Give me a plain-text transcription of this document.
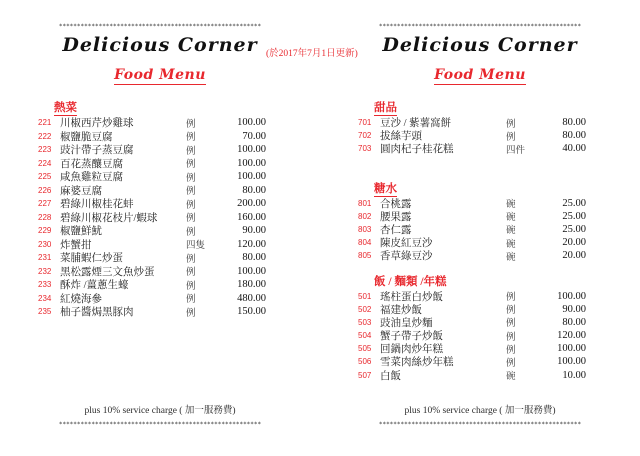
********************************************************
Delicious Corner
Food Menu
熱菜
221 川椒西芹炒雞球	例	100.00
222 椒鹽脆豆腐	例	70.00
223 豉汁帶子蒸豆腐	例	100.00
224 百花蒸釀豆腐	例	100.00
225 咸魚雞粒豆腐	例	100.00
226 麻婆豆腐	例	80.00
227 碧綠川椒桂花蚌	例	200.00
228 碧綠川椒花枝片/蝦球	例	160.00
229 椒鹽鮮魷	例	90.00
230 炸蟹拑	四隻	120.00
231 菜脯蝦仁炒蛋	例	80.00
232 黑松露煙三文魚炒蛋	例	100.00
233 酥炸 /薑蔥生蠔	例	180.00
234 紅燒海參	例	480.00
235 柚子醬焗黑豚肉	例	150.00
plus 10% service charge ( 加一服務費)
********************************************************
********************************************************
Delicious Corner
Food Menu
甜品
701 豆沙 / 紫薯窩餅	例	80.00
702 拔絲芋頭	例	80.00
703 圓肉杞子桂花糕	四件	40.00
糖水
801 合桃露	碗	25.00
802 腰果露	碗	25.00
803 杏仁露	碗	25.00
804 陳皮紅豆沙	碗	20.00
805 香草綠豆沙	碗	20.00
飯 / 麵類 /年糕
501 瑤柱蛋白炒飯	例	100.00
502 福建炒飯	例	90.00
503 豉油皇炒麵	例	80.00
504 蟹子帶子炒飯	例	120.00
505 回鍋肉炒年糕	例	100.00
506 雪菜肉絲炒年糕	例	100.00
507 白飯	碗	10.00
plus 10% service charge ( 加一服務費)
********************************************************
(於2017年7月1日更新)
